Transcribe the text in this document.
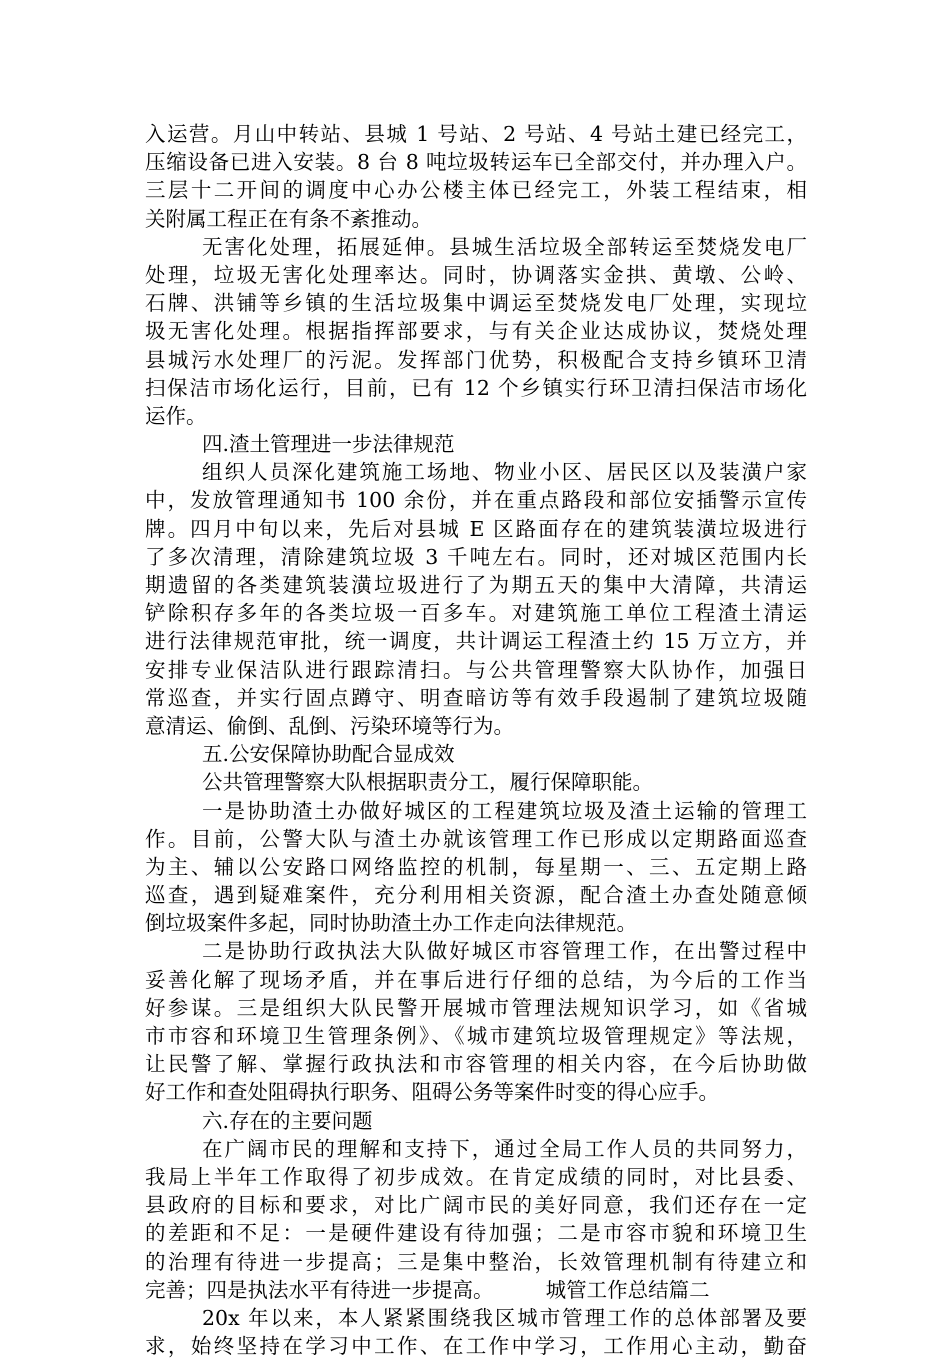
入运营。月山中转站、县城 1 号站、2 号站、4 号站土建已经完工，
压缩设备已进入安装。8 台 8 吨垃圾转运车已全部交付，并办理入户。
三层十二开间的调度中心办公楼主体已经完工，外装工程结束，相
关附属工程正在有条不紊推动。
无害化处理，拓展延伸。县城生活垃圾全部转运至焚烧发电厂
处理，垃圾无害化处理率达。同时，协调落实金拱、黄墩、公岭、
石牌、洪铺等乡镇的生活垃圾集中调运至焚烧发电厂处理，实现垃
圾无害化处理。根据指挥部要求，与有关企业达成协议，焚烧处理
县城污水处理厂的污泥。发挥部门优势，积极配合支持乡镇环卫清
扫保洁市场化运行，目前，已有 12 个乡镇实行环卫清扫保洁市场化
运作。
四.渣土管理进一步法律规范
组织人员深化建筑施工场地、物业小区、居民区以及装潢户家
中，发放管理通知书 100 余份，并在重点路段和部位安插警示宣传
牌。四月中旬以来，先后对县城 E 区路面存在的建筑装潢垃圾进行
了多次清理，清除建筑垃圾 3 千吨左右。同时，还对城区范围内长
期遗留的各类建筑装潢垃圾进行了为期五天的集中大清障，共清运
铲除积存多年的各类垃圾一百多车。对建筑施工单位工程渣土清运
进行法律规范审批，统一调度，共计调运工程渣土约 15 万立方，并
安排专业保洁队进行跟踪清扫。与公共管理警察大队协作，加强日
常巡查，并实行固点蹲守、明查暗访等有效手段遏制了建筑垃圾随
意清运、偷倒、乱倒、污染环境等行为。
五.公安保障协助配合显成效
公共管理警察大队根据职责分工，履行保障职能。
一是协助渣土办做好城区的工程建筑垃圾及渣土运输的管理工
作。目前，公警大队与渣土办就该管理工作已形成以定期路面巡查
为主、辅以公安路口网络监控的机制，每星期一、三、五定期上路
巡查，遇到疑难案件，充分利用相关资源，配合渣土办查处随意倾
倒垃圾案件多起，同时协助渣土办工作走向法律规范。
二是协助行政执法大队做好城区市容管理工作，在出警过程中
妥善化解了现场矛盾，并在事后进行仔细的总结，为今后的工作当
好参谋。三是组织大队民警开展城市管理法规知识学习，如《省城
市市容和环境卫生管理条例》、《城市建筑垃圾管理规定》等法规，
让民警了解、掌握行政执法和市容管理的相关内容，在今后协助做
好工作和查处阻碍执行职务、阻碍公务等案件时变的得心应手。
六.存在的主要问题
在广阔市民的理解和支持下，通过全局工作人员的共同努力，
我局上半年工作取得了初步成效。在肯定成绩的同时，对比县委、
县政府的目标和要求，对比广阔市民的美好同意，我们还存在一定
的差距和不足：一是硬件建设有待加强；二是市容市貌和环境卫生
的治理有待进一步提高；三是集中整治，长效管理机制有待建立和
完善；四是执法水平有待进一步提高。        城管工作总结篇二
20x 年以来，本人紧紧围绕我区城市管理工作的总体部署及要
求，始终坚持在学习中工作、在工作中学习，工作用心主动，勤奋
